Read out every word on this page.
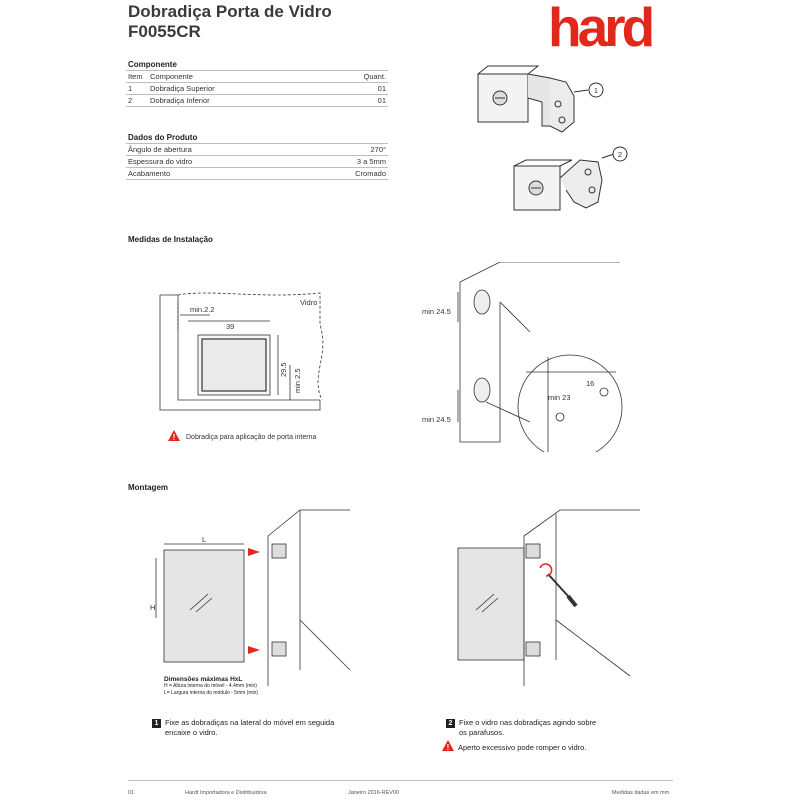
Dobradiça Porta de Vidro
F0055CR	hard
Componente
Item	Componente	Quant.
1	Dobradiça Superior	01
2	Dobradiça Inferior	01
Dados do Produto
Ângulo de abertura	270°
Espessura do vidro	3 a 5mm
Acabamento	Cromado
1
2
Medidas de Instalação
Vidro
min.2.2
39
29.5 min 2.5
! Dobradiça para aplicação de porta interna
min 24.5
min 24.5
min 23
16
Montagem
L
H
Dimensões máximas HxL
H = Altura interna do móvel - 4.4mm (min)
L= Largura interna do módulo - 5mm (min)
1 Fixe as dobradiças na lateral do móvel em seguida
encaixe o vidro.
2 Fixe o vidro nas dobradiças agindo sobre
os parafusos.
! Aperto excessivo pode romper o vidro.
01	Hardt Importadora e Distribuidora	Janeiro 2016-REV00	Medidas dadas em mm
